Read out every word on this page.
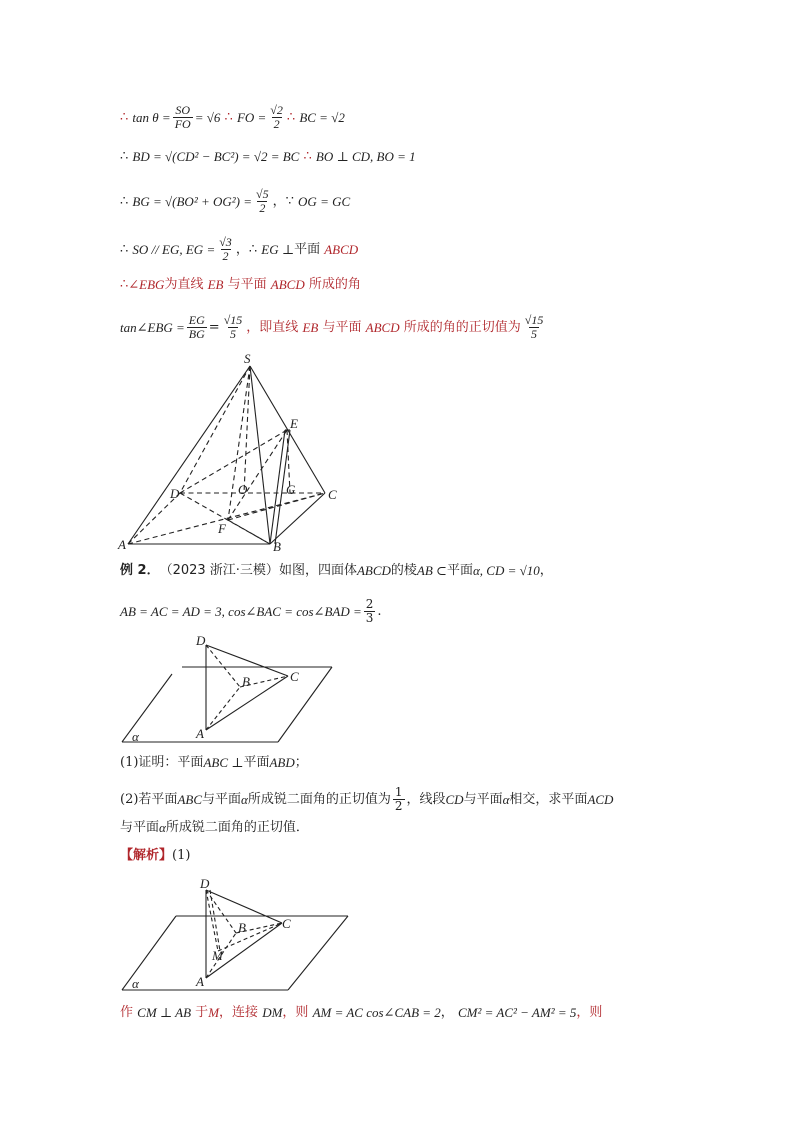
∴
$\tan \theta = \frac{SO}{FO} = √6$
∴
FO = $\frac{√2}{2}$ ∴
BC = √2
∴
BD = √(CD² − BC²) = √2 = BC
∴
BO ⊥ CD, BO = 1
∴
BG = $√(BO^2 + OG^2) = \frac{√5}{2}$ ， ∵
OG = GC
∴
SO // EG, EG = $\frac{√3}{2}$ ， ∴
EG ⊥ 平面
ABCD
∴ ∠EBG 为直线
EB
与平面
ABCD
所成的角
tan∠EBG = $\frac{EG}{BG} = \frac{√15}{5}$ ，即直线
EB
与平面
ABCD
所成的角的正切值为 $\frac{√15}{5}$
S
E
D	O	G	C
F
A	B
例 2． （2023 浙江·三模） 如图，四面体 ABCD 的棱 AB ⊂ 平面 α, CD = √10 ，
AB = AC = AD = 3, cos∠BAC = cos∠BAD = $\frac{2}{3}$ .
D
C
B
A
α
(1) 证明：平面 ABC ⊥ 平面 ABD ；
(2) 若平面 ABC 与平面 α 所成锐二面角的正切值为 $\frac{1}{2}$ ，线段 CD 与平面 α 相交，求平面 ACD
与平面 α 所成锐二面角的正切值．
【解析】 (1)
D
B	C
M
A
α
作
CM ⊥ AB
于 M ，连接
DM ，则
AM = AC cos∠CAB = 2 ，
CM² = AC² − AM² = 5 ，则
